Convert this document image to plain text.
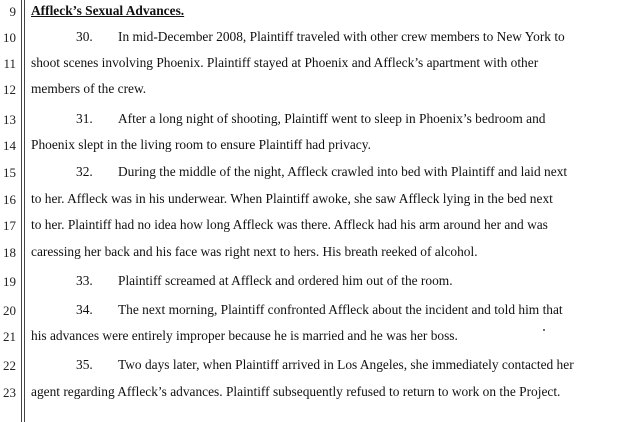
9 Affleck’s Sexual Advances.
10	30. In mid-December 2008, Plaintiff traveled with other crew members to New York to
11 shoot scenes involving Phoenix. Plaintiff stayed at Phoenix and Affleck’s apartment with other
12 members of the crew.
13	31. After a long night of shooting, Plaintiff went to sleep in Phoenix’s bedroom and
14 Phoenix slept in the living room to ensure Plaintiff had privacy.
15	32. During the middle of the night, Affleck crawled into bed with Plaintiff and laid next
16 to her. Affleck was in his underwear. When Plaintiff awoke, she saw Affleck lying in the bed next
17 to her. Plaintiff had no idea how long Affleck was there. Affleck had his arm around her and was
18 caressing her back and his face was right next to hers. His breath reeked of alcohol.
19	33. Plaintiff screamed at Affleck and ordered him out of the room.
20	34. The next morning, Plaintiff confronted Affleck about the incident and told him that
21 his advances were entirely improper because he is married and he was her boss.
22	35. Two days later, when Plaintiff arrived in Los Angeles, she immediately contacted her
23 agent regarding Affleck’s advances. Plaintiff subsequently refused to return to work on the Project.
